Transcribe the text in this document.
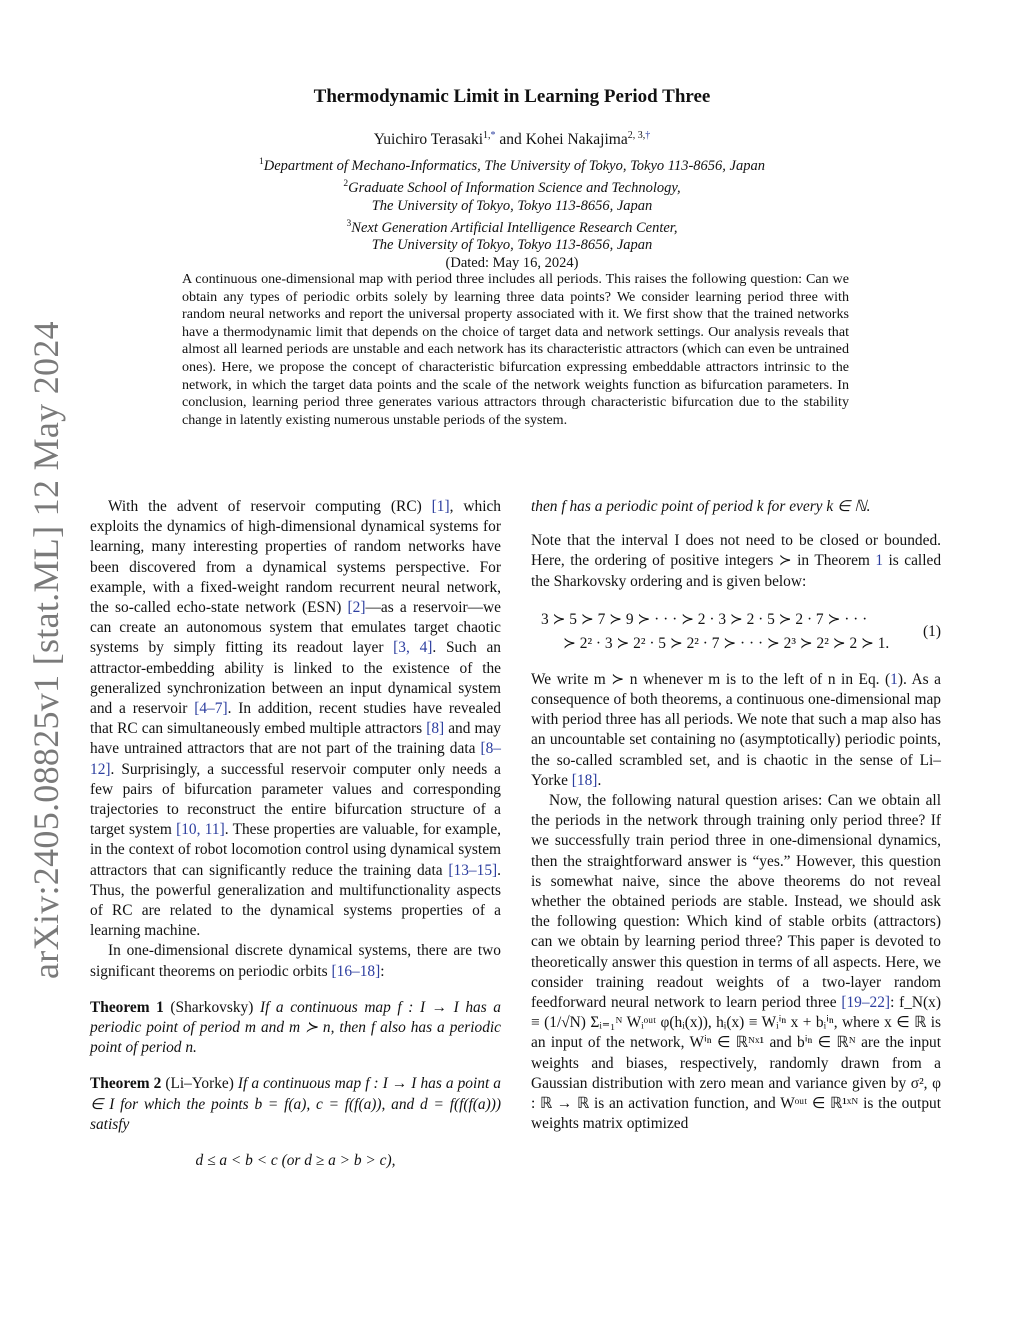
arXiv:2405.08825v1 [stat.ML] 12 May 2024
Thermodynamic Limit in Learning Period Three
Yuichiro Terasaki$^{1,*}$ and Kohei Nakajima$^{2, 3,\dagger}$
$^1$Department of Mechano-Informatics, The University of Tokyo, Tokyo 113-8656, Japan
$^2$Graduate School of Information Science and Technology,
The University of Tokyo, Tokyo 113-8656, Japan
$^3$Next Generation Artificial Intelligence Research Center,
The University of Tokyo, Tokyo 113-8656, Japan
(Dated: May 16, 2024)
A continuous one-dimensional map with period three includes all periods. This raises the following question: Can we obtain any types of periodic orbits solely by learning three data points? We consider learning period three with random neural networks and report the universal property associated with it. We first show that the trained networks have a thermodynamic limit that depends on the choice of target data and network settings. Our analysis reveals that almost all learned periods are unstable and each network has its characteristic attractors (which can even be untrained ones). Here, we propose the concept of characteristic bifurcation expressing embeddable attractors intrinsic to the network, in which the target data points and the scale of the network weights function as bifurcation parameters. In conclusion, learning period three generates various attractors through characteristic bifurcation due to the stability change in latently existing numerous unstable periods of the system.

With the advent of reservoir computing (RC) [1], which exploits the dynamics of high-dimensional dynamical systems for learning, many interesting properties of random networks have been discovered from a dynamical systems perspective. For example, with a fixed-weight random recurrent neural network, the so-called echo-state network (ESN) [2]—as a reservoir—we can create an autonomous system that emulates target chaotic systems by simply fitting its readout layer [3, 4]. Such an attractor-embedding ability is linked to the existence of the generalized synchronization between an input dynamical system and a reservoir [4–7]. In addition, recent studies have revealed that RC can simultaneously embed multiple attractors [8] and may have untrained attractors that are not part of the training data [8–12]. Surprisingly, a successful reservoir computer only needs a few pairs of bifurcation parameter values and corresponding trajectories to reconstruct the entire bifurcation structure of a target system [10, 11]. These properties are valuable, for example, in the context of robot locomotion control using dynamical system attractors that can significantly reduce the training data [13–15]. Thus, the powerful generalization and multifunctionality aspects of RC are related to the dynamical systems properties of a learning machine.

In one-dimensional discrete dynamical systems, there are two significant theorems on periodic orbits [16–18]:

Theorem 1 (Sharkovsky) If a continuous map f : I → I has a periodic point of period m and m ≻ n, then f also has a periodic point of period n.

Theorem 2 (Li–Yorke) If a continuous map f : I → I has a point a ∈ I for which the points b = f(a), c = f(f(a)), and d = f(f(f(a))) satisfy

d ≤ a < b < c (or d ≥ a > b > c),

then f has a periodic point of period k for every k ∈ ℕ.

Note that the interval I does not need to be closed or bounded. Here, the ordering of positive integers ≻ in Theorem 1 is called the Sharkovsky ordering and is given below:

3 ≻ 5 ≻ 7 ≻ 9 ≻ · · · ≻ 2 · 3 ≻ 2 · 5 ≻ 2 · 7 ≻ · · ·
≻ 2² · 3 ≻ 2² · 5 ≻ 2² · 7 ≻ · · · ≻ 2³ ≻ 2² ≻ 2 ≻ 1.
(1)

We write m ≻ n whenever m is to the left of n in Eq. (1). As a consequence of both theorems, a continuous one-dimensional map with period three has all periods. We note that such a map also has an uncountable set containing no (asymptotically) periodic points, the so-called scrambled set, and is chaotic in the sense of Li–Yorke [18].

Now, the following natural question arises: Can we obtain all the periods in the network through training only period three? If we successfully train period three in one-dimensional dynamics, then the straightforward answer is “yes.” However, this question is somewhat naive, since the above theorems do not reveal whether the obtained periods are stable. Instead, we should ask the following question: Which kind of stable orbits (attractors) can we obtain by learning period three? This paper is devoted to theoretically answer this question in terms of all aspects. Here, we consider training readout weights of a two-layer random feedforward neural network to learn period three [19–22]: f_N(x) ≡ (1/√N) Σᵢ₌₁ᴺ Wᵢᵒᵘᵗ φ(hᵢ(x)), hᵢ(x) ≡ Wᵢⁱⁿ x + bᵢⁱⁿ, where x ∈ ℝ is an input of the network, Wⁱⁿ ∈ ℝᴺˣ¹ and bⁱⁿ ∈ ℝᴺ are the input weights and biases, respectively, randomly drawn from a Gaussian distribution with zero mean and variance given by σ², φ : ℝ → ℝ is an activation function, and Wᵒᵘᵗ ∈ ℝ¹ˣᴺ is the output weights matrix optimized
